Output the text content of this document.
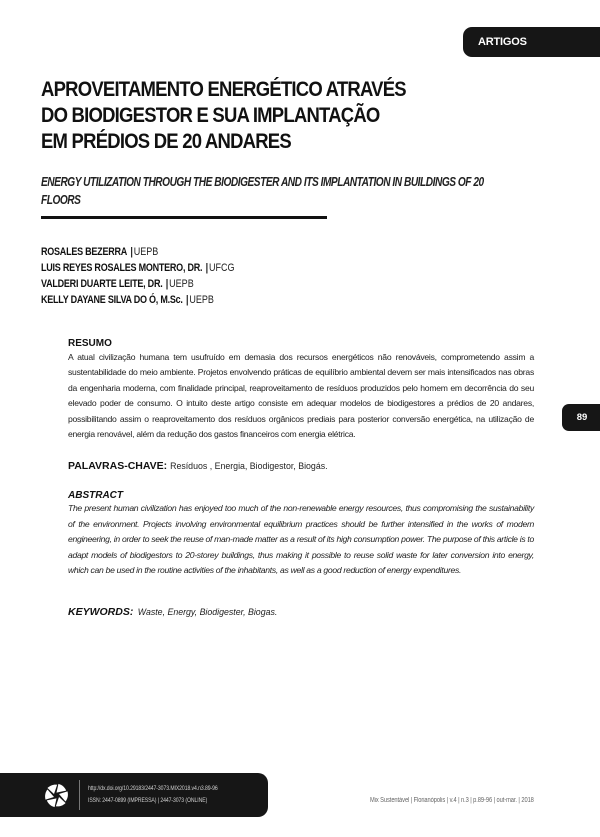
ARTIGOS
APROVEITAMENTO ENERGÉTICO ATRAVÉS
DO BIODIGESTOR E SUA IMPLANTAÇÃO
EM PRÉDIOS DE 20 ANDARES
ENERGY UTILIZATION THROUGH THE BIODIGESTER AND ITS IMPLANTATION IN BUILDINGS OF 20 FLOORS
ROSALES BEZERRA |UEPB
LUIS REYES ROSALES MONTERO, DR. |UFCG
VALDERI DUARTE LEITE, DR. |UEPB
KELLY DAYANE SILVA DO Ó, M.Sc. |UEPB
RESUMO

A atual civilização humana tem usufruído em demasia dos recursos energéticos não renováveis, comprometendo assim a sustentabilidade do meio ambiente. Projetos envolvendo práticas de equilíbrio ambiental devem ser mais intensificados nas obras da engenharia moderna, com finalidade principal, reaproveitamento de resíduos produzidos pelo homem em decorrência do seu elevado poder de consumo. O intuito deste artigo consiste em adequar modelos de biodigestores a prédios de 20 andares, possibilitando assim o reaproveitamento dos resíduos orgânicos prediais para posterior conversão energética, na utilização de energia renovável, além da redução dos gastos financeiros com energia elétrica.

PALAVRAS-CHAVE: Resíduos , Energia, Biodigestor, Biogás.
ABSTRACT

The present human civilization has enjoyed too much of the non-renewable energy resources, thus compromising the sustainability of the environment. Projects involving environmental equilibrium practices should be further intensified in the works of modern engineering, in order to seek the reuse of man-made matter as a result of its high consumption power. The purpose of this article is to adapt models of biodigestors to 20-storey buildings, thus making it possible to reuse solid waste for later conversion into energy, which can be used in the routine activities of the inhabitants, as well as a good reduction of energy expenditures.

KEYWORDS: Waste, Energy, Biodigester, Biogas.
89
http://dx.doi.org/10.29183/2447-3073.MIX2018.v4.n3.89-96
ISSN: 2447-0899 (IMPRESSA) | 2447-3073 (ONLINE)	Mix Sustentável | Florianópolis | v.4 | n.3 | p.89-96 | out-mar. | 2018
